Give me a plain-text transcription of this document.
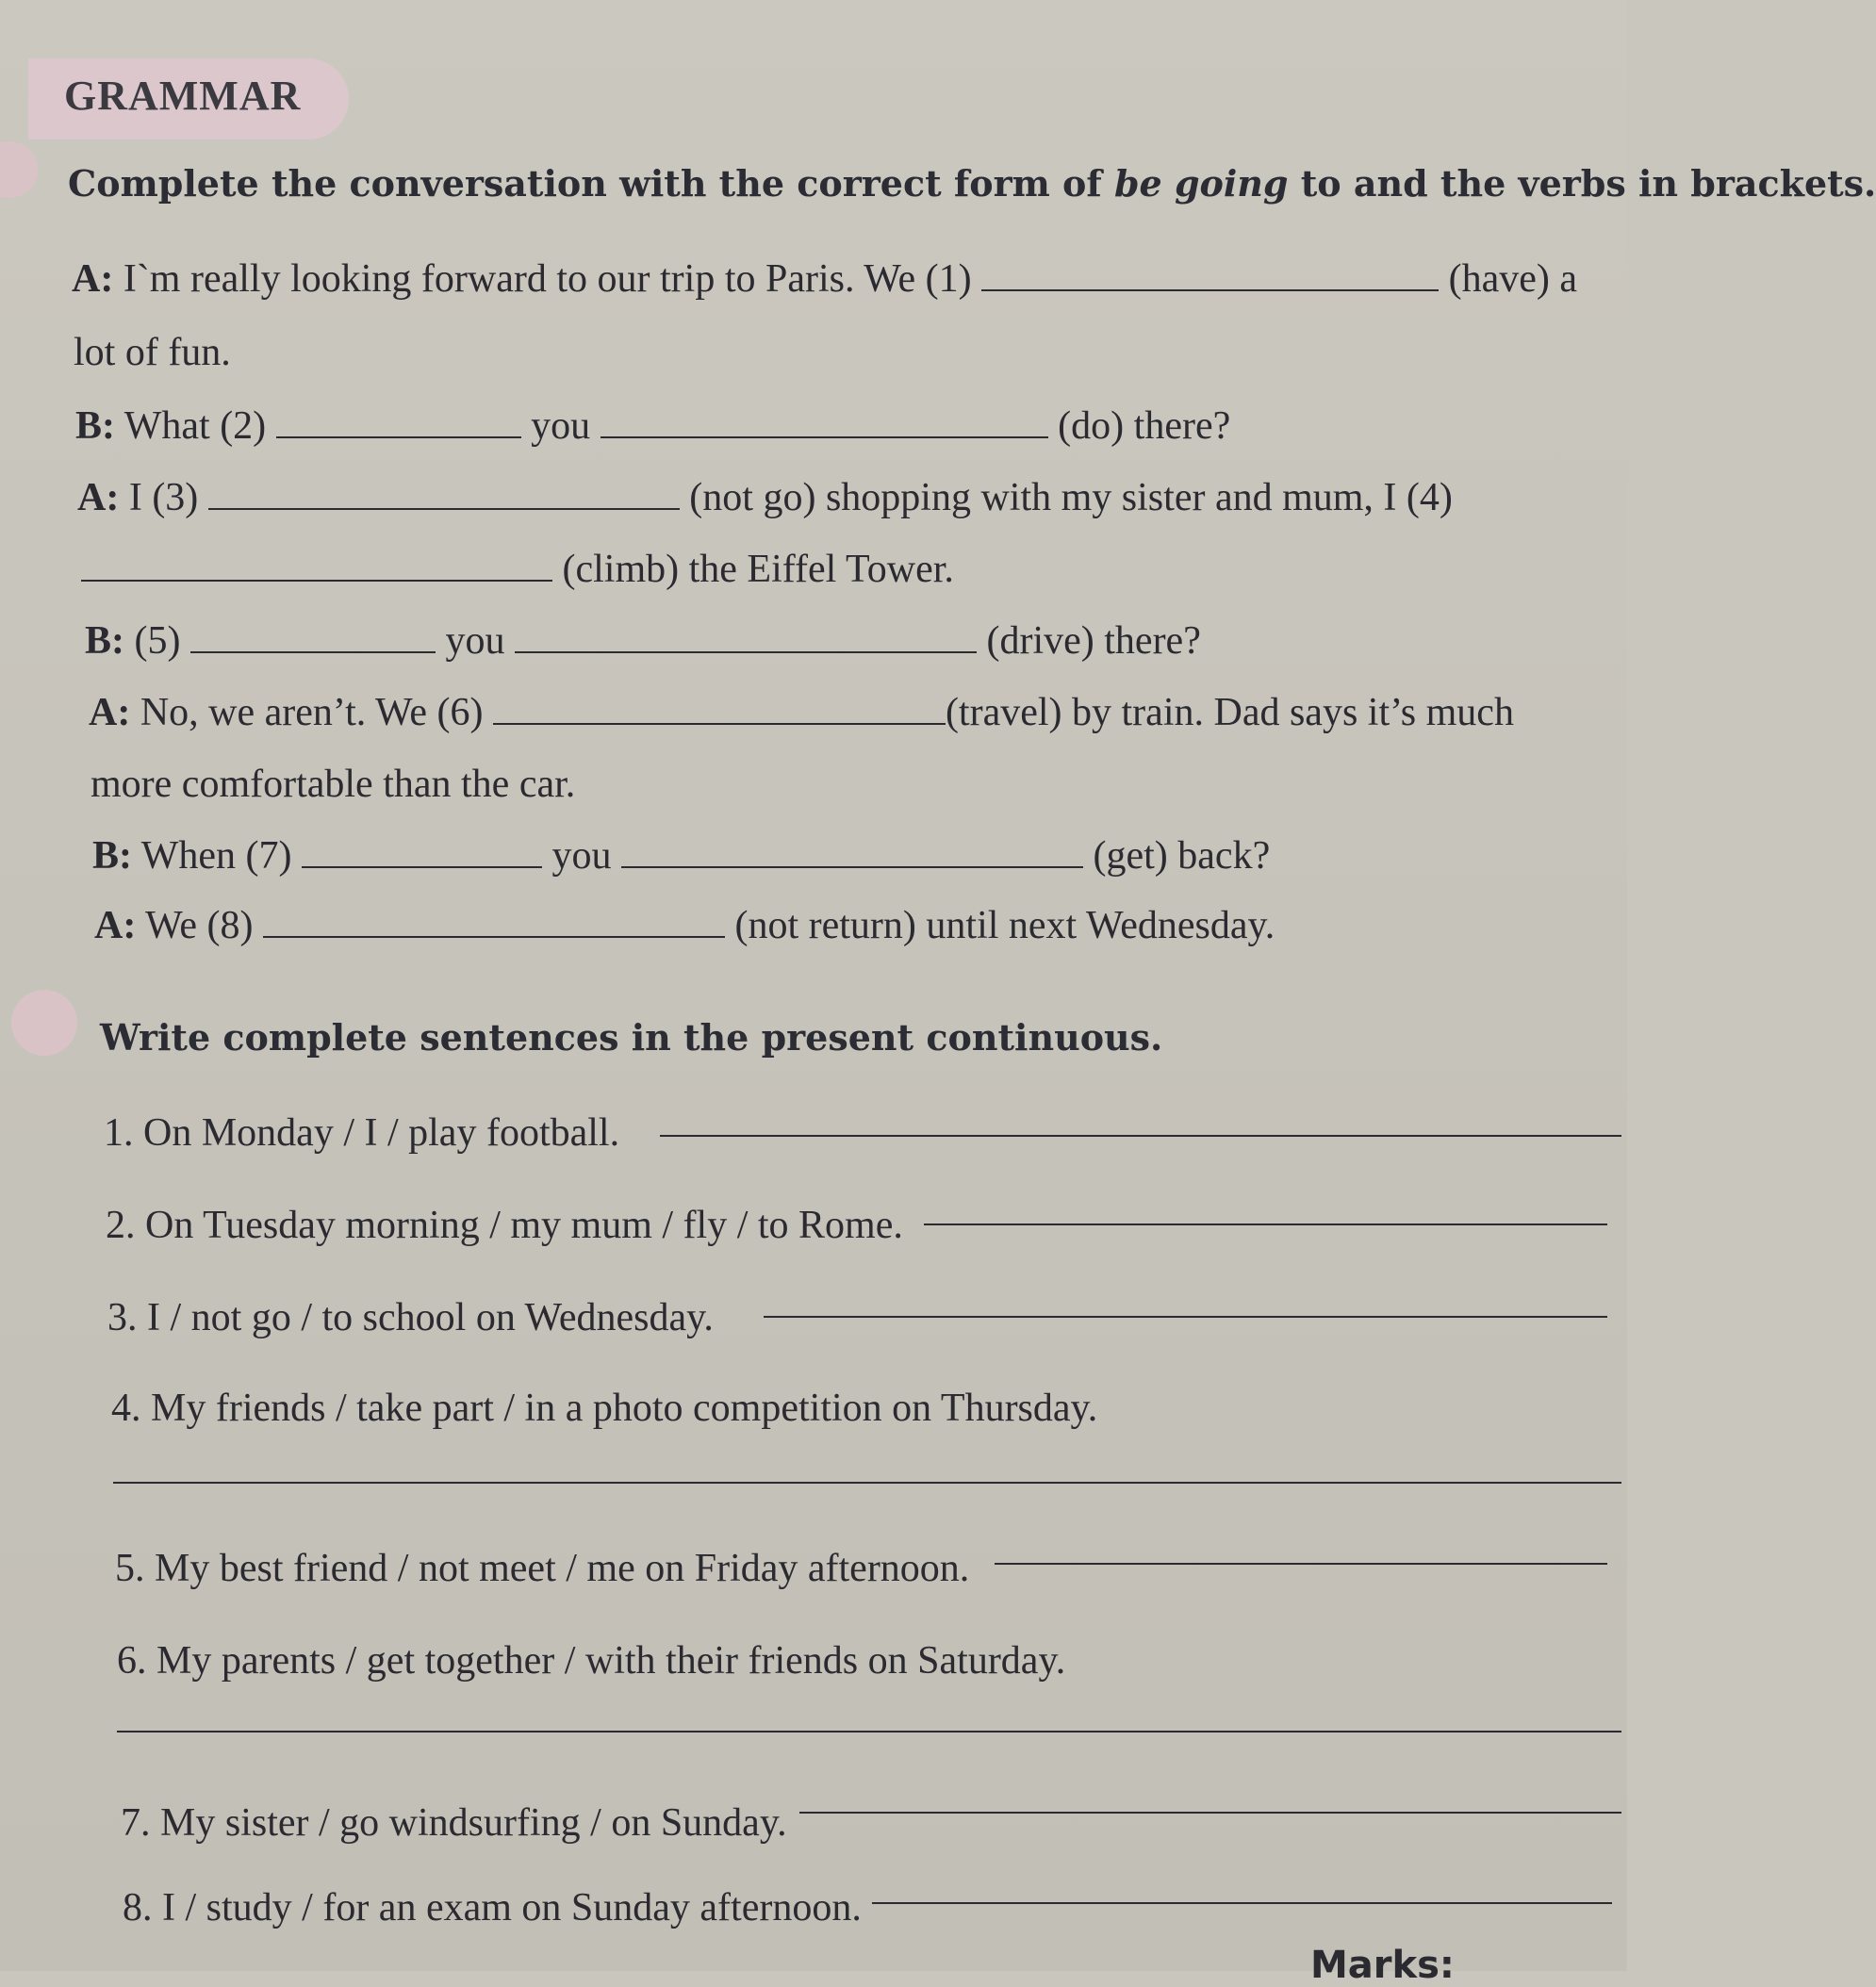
GRAMMAR
Complete the conversation with the correct form of be going to and the verbs in brackets.
A: I`m really looking forward to our trip to Paris. We (1)	(have) a
lot of fun.
B: What (2)	you	(do) there?
A: I (3)	(not go) shopping with my sister and mum, I (4)
(climb) the Eiffel Tower.
B: (5)	you	(drive) there?
A: No, we aren’t. We (6)	(travel) by train. Dad says it’s much
more comfortable than the car.
B: When (7)	you	(get) back?
A: We (8)	(not return) until next Wednesday.
Write complete sentences in the present continuous.
1. On Monday / I / play football.
2. On Tuesday morning / my mum / fly / to Rome.
3. I / not go / to school on Wednesday.
4. My friends / take part / in a photo competition on Thursday.
5. My best friend / not meet / me on Friday afternoon.
6. My parents / get together / with their friends on Saturday.
7. My sister / go windsurfing / on Sunday.
8. I / study / for an exam on Sunday afternoon.
Marks:
